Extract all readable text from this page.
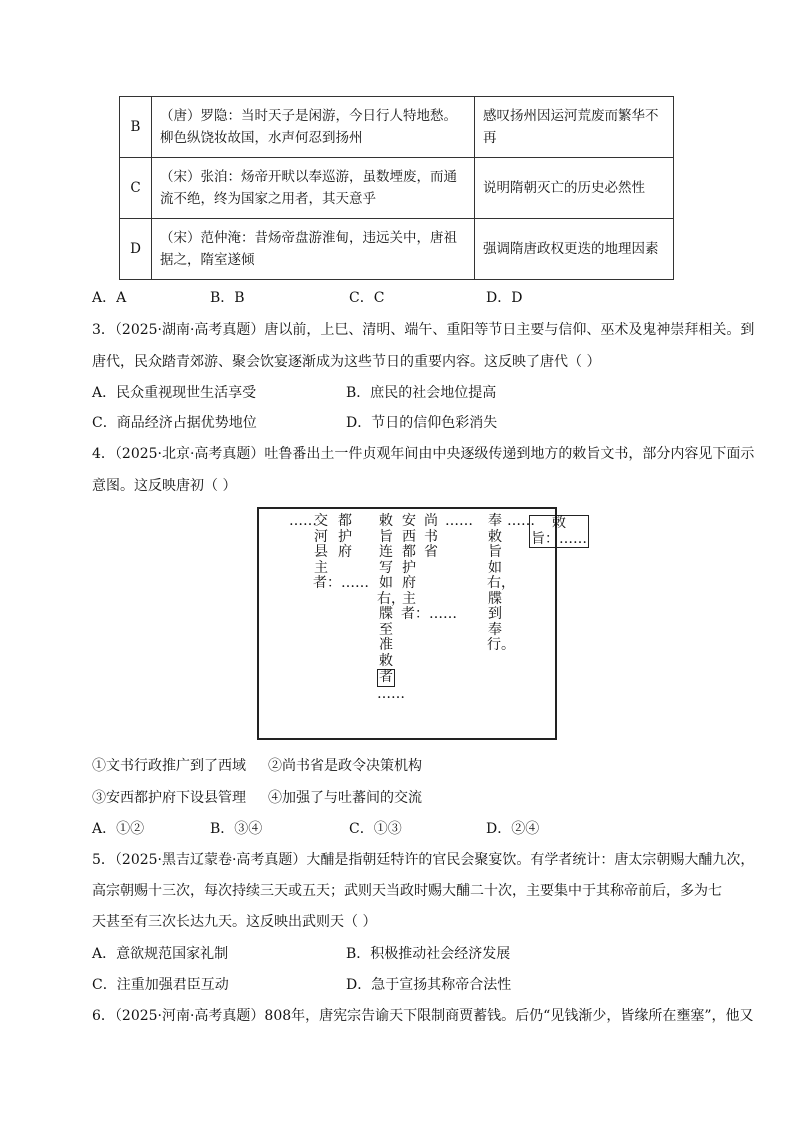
B	（唐）罗隐：当时天子是闲游，今日行人特地愁。柳色纵饶妆故国，水声何忍到扬州	感叹扬州因运河荒废而繁华不再
C	（宋）张洎：炀帝开畎以奉巡游，虽数堙废，而通流不绝，终为国家之用者，其天意乎	说明隋朝灭亡的历史必然性
D	（宋）范仲淹：昔炀帝盘游淮甸，违远关中，唐祖据之，隋室遂倾	强调隋唐政权更迭的地理因素
A．A	B．B	C．C	D．D
3．（2025·湖南·高考真题）唐以前，上巳、清明、端午、重阳等节日主要与信仰、巫术及鬼神崇拜相关。到
唐代，民众踏青郊游、聚会饮宴逐渐成为这些节日的重要内容。这反映了唐代（ ）
A．民众重视现世生活享受	B．庶民的社会地位提高
C．商品经济占据优势地位	D．节日的信仰色彩消失
4．（2025·北京·高考真题）吐鲁番出土一件贞观年间由中央逐级传递到地方的敕旨文书，部分内容见下面示
意图。这反映唐初（ ）
敕旨：……
……
奉敕旨如右，牒到奉行。
……
尚书省
安西都护府主者：……
敕旨连写如右，牒至准敕者……
都护府
交河县主者：……
……
①文书行政推广到了西域 ②尚书省是政令决策机构
③安西都护府下设县管理 ④加强了与吐蕃间的交流
A．①②	B．③④	C．①③	D．②④
5．（2025·黑吉辽蒙卷·高考真题）大酺是指朝廷特许的官民会聚宴饮。有学者统计：唐太宗朝赐大酺九次，
高宗朝赐十三次，每次持续三天或五天；武则天当政时赐大酺二十次，主要集中于其称帝前后，多为七
天甚至有三次长达九天。这反映出武则天（ ）
A．意欲规范国家礼制	B．积极推动社会经济发展
C．注重加强君臣互动	D．急于宣扬其称帝合法性
6．（2025·河南·高考真题）808年，唐宪宗告谕天下限制商贾蓄钱。后仍“见钱渐少，皆缘所在壅塞”，他又
